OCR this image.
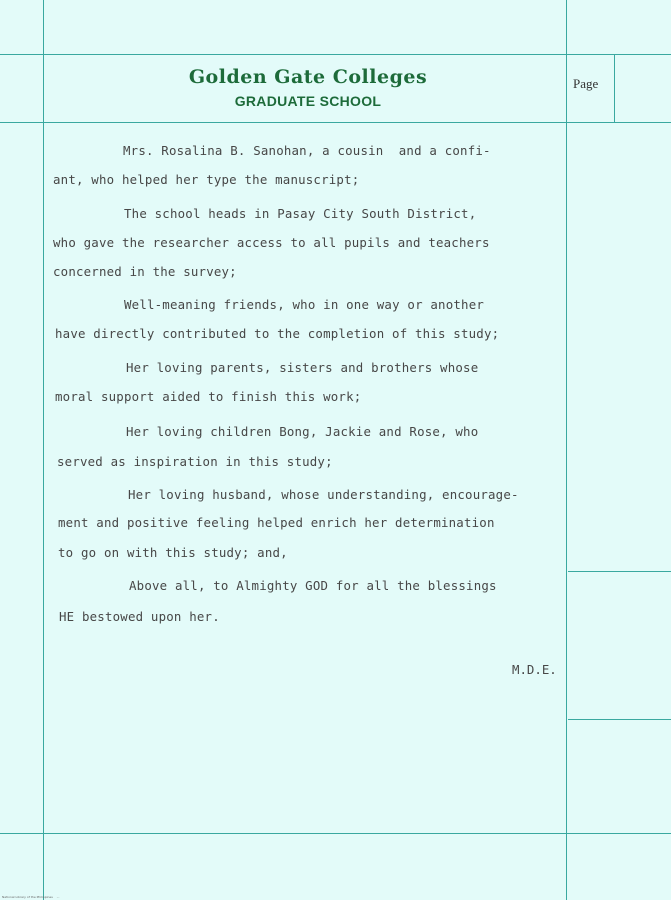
Golden Gate Colleges
GRADUATE SCHOOL
Page
Mrs. Rosalina B. Sanohan, a cousin  and a confi-
ant, who helped her type the manuscript;
The school heads in Pasay City South District,
who gave the researcher access to all pupils and teachers
concerned in the survey;
Well-meaning friends, who in one way or another
have directly contributed to the completion of this study;
Her loving parents, sisters and brothers whose
moral support aided to finish this work;
Her loving children Bong, Jackie and Rose, who
served as inspiration in this study;
Her loving husband, whose understanding, encourage-
ment and positive feeling helped enrich her determination
to go on with this study; and,
Above all, to Almighty GOD for all the blessings
HE bestowed upon her.
M.D.E.
National Library of the Philippines    ...
